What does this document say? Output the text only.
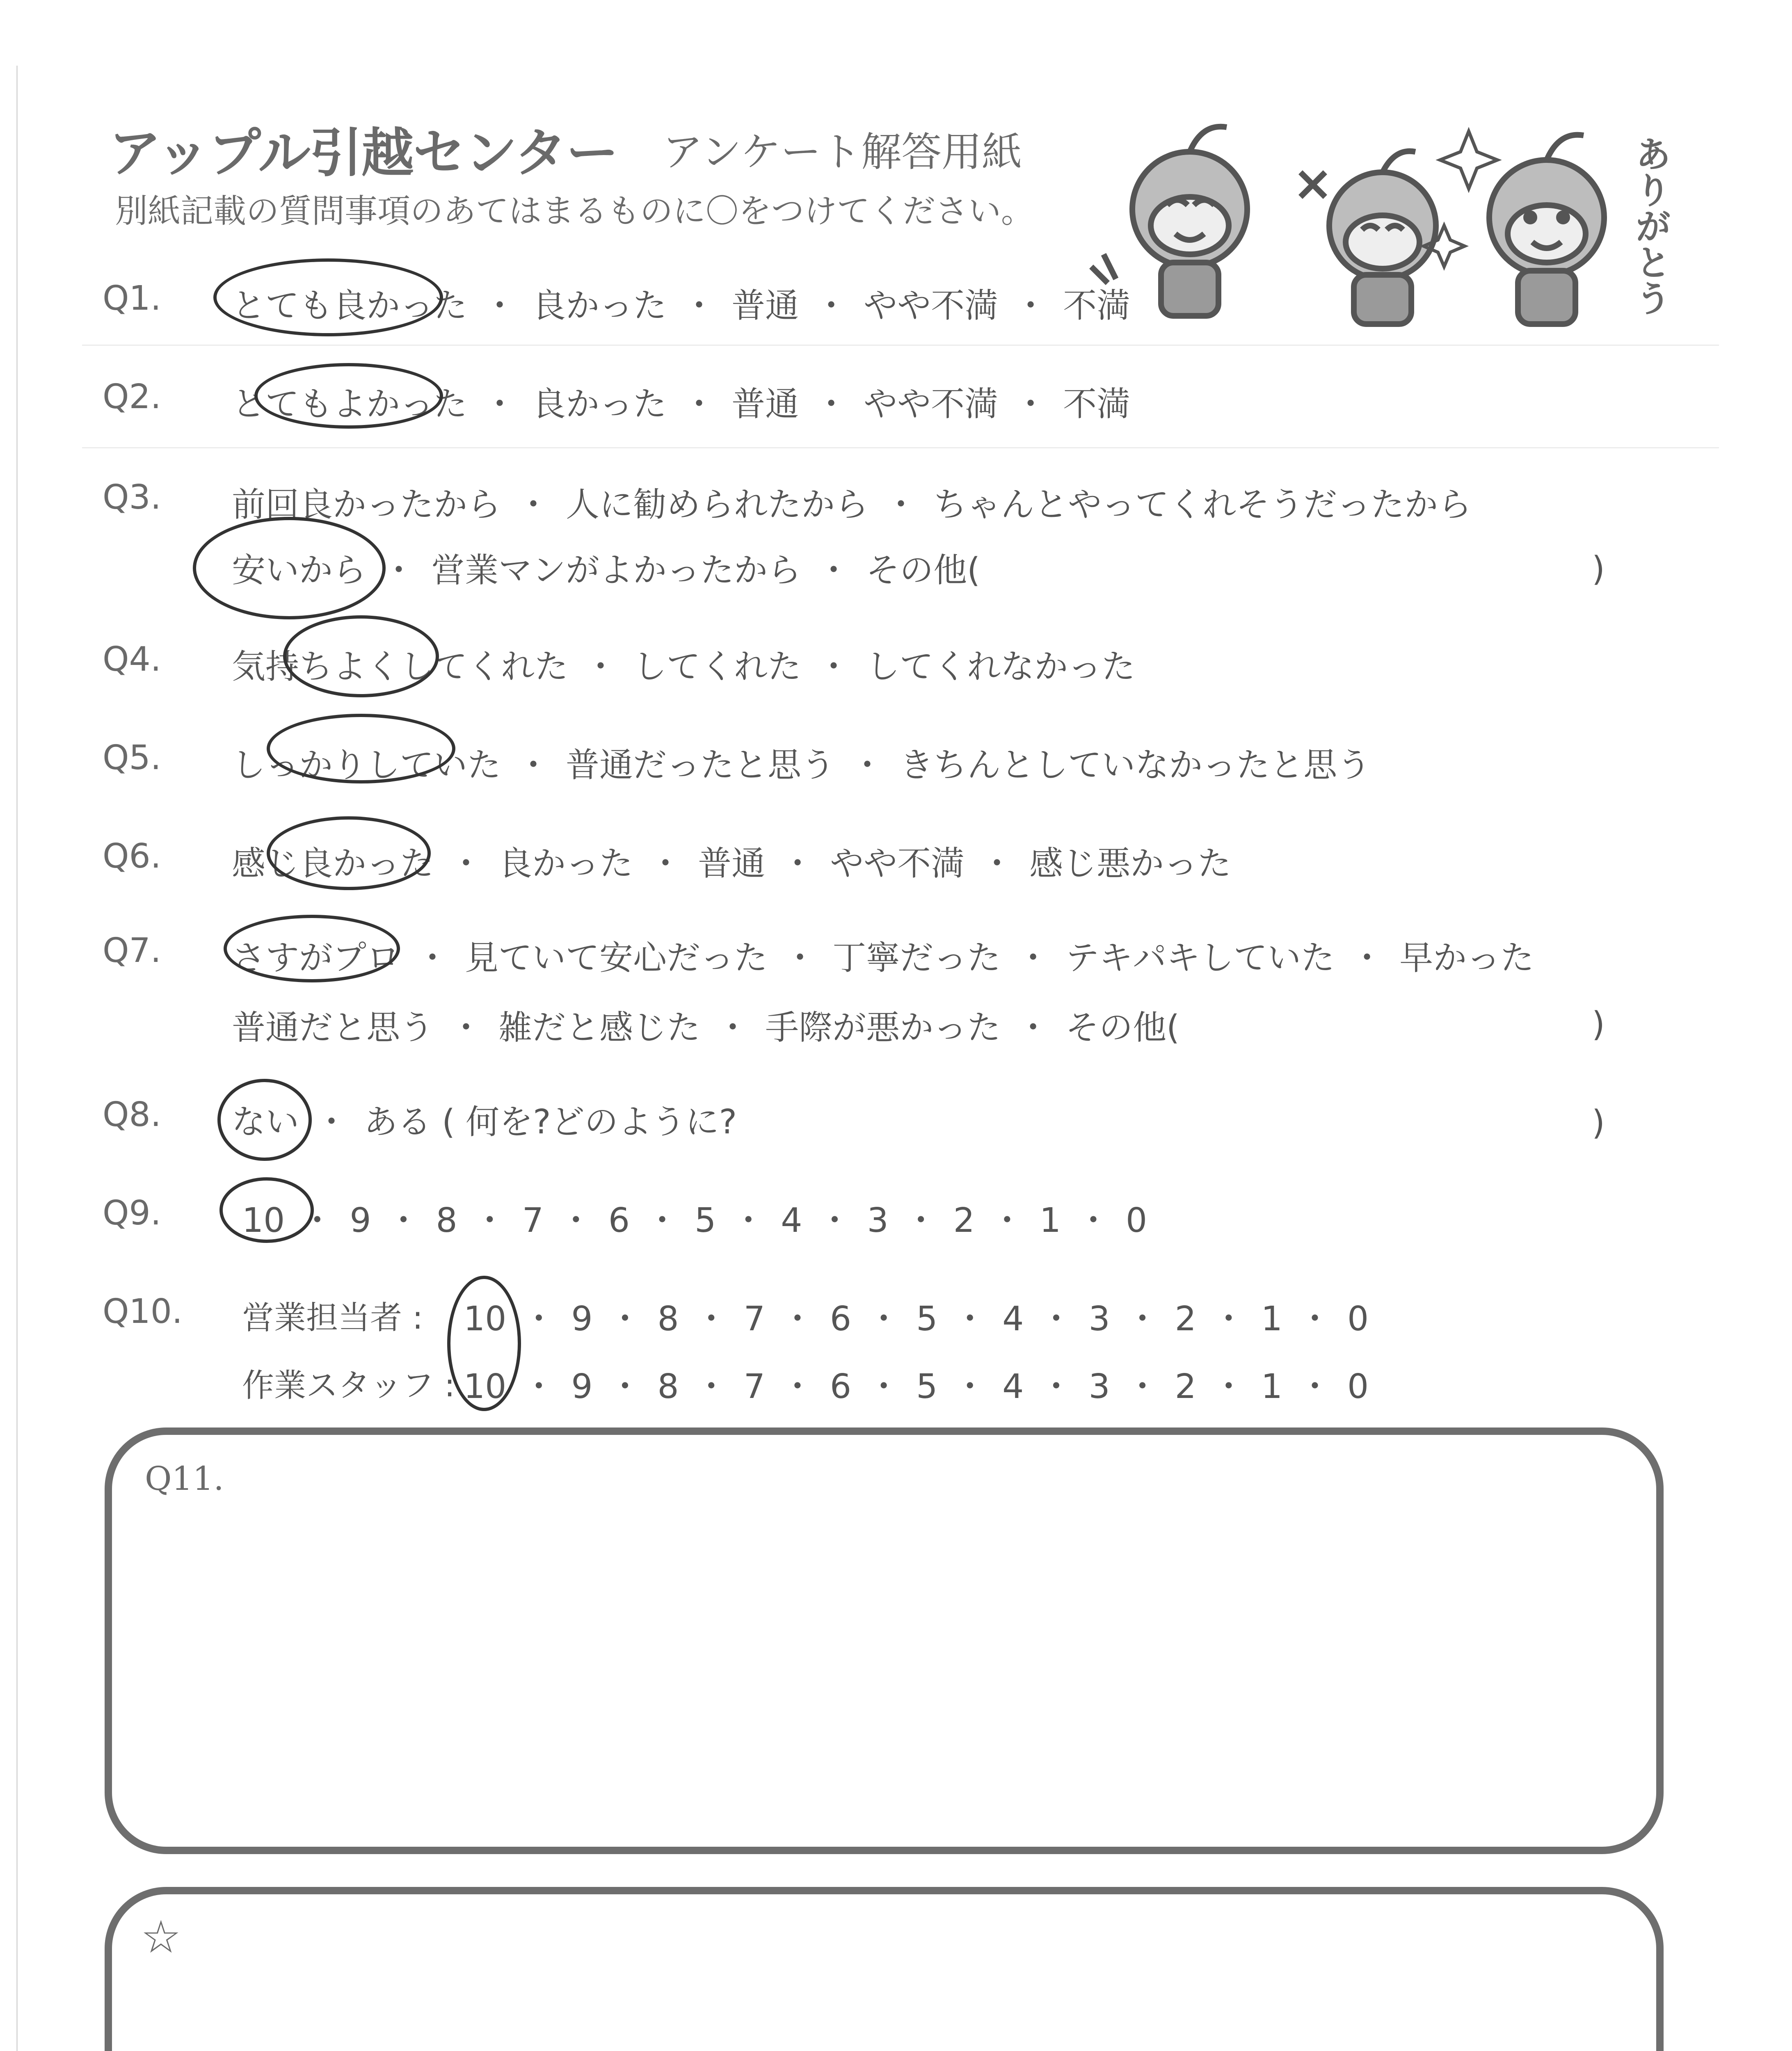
アップル引越センター アンケート解答用紙
別紙記載の質問事項のあてはまるものに〇をつけてください。	ありがとう
Q1. とても良かった ・ 良かった ・ 普通 ・ やや不満 ・ 不満
Q2. とてもよかった ・ 良かった ・ 普通 ・ やや不満 ・ 不満
Q3. 前回良かったから ・ 人に勧められたから ・ ちゃんとやってくれそうだったから
安いから ・ 営業マンがよかったから ・ その他(	)
Q4. 気持ちよくしてくれた ・ してくれた ・ してくれなかった
Q5. しっかりしていた ・ 普通だったと思う ・ きちんとしていなかったと思う
Q6. 感じ良かった ・ 良かった ・ 普通 ・ やや不満 ・ 感じ悪かった
Q7. さすがプロ ・ 見ていて安心だった ・ 丁寧だった ・ テキパキしていた ・ 早かった
普通だと思う ・ 雑だと感じた ・ 手際が悪かった ・ その他(	)
Q8. ない ・ ある ( 何を?どのように?	)
Q9. 10 ・ 9 ・ 8 ・ 7 ・ 6 ・ 5 ・ 4 ・ 3 ・ 2 ・ 1 ・ 0
Q10. 営業担当者 : 10 ・ 9 ・ 8 ・ 7 ・ 6 ・ 5 ・ 4 ・ 3 ・ 2 ・ 1 ・ 0
作業スタッフ : 10 ・ 9 ・ 8 ・ 7 ・ 6 ・ 5 ・ 4 ・ 3 ・ 2 ・ 1 ・ 0
Q11.
☆
